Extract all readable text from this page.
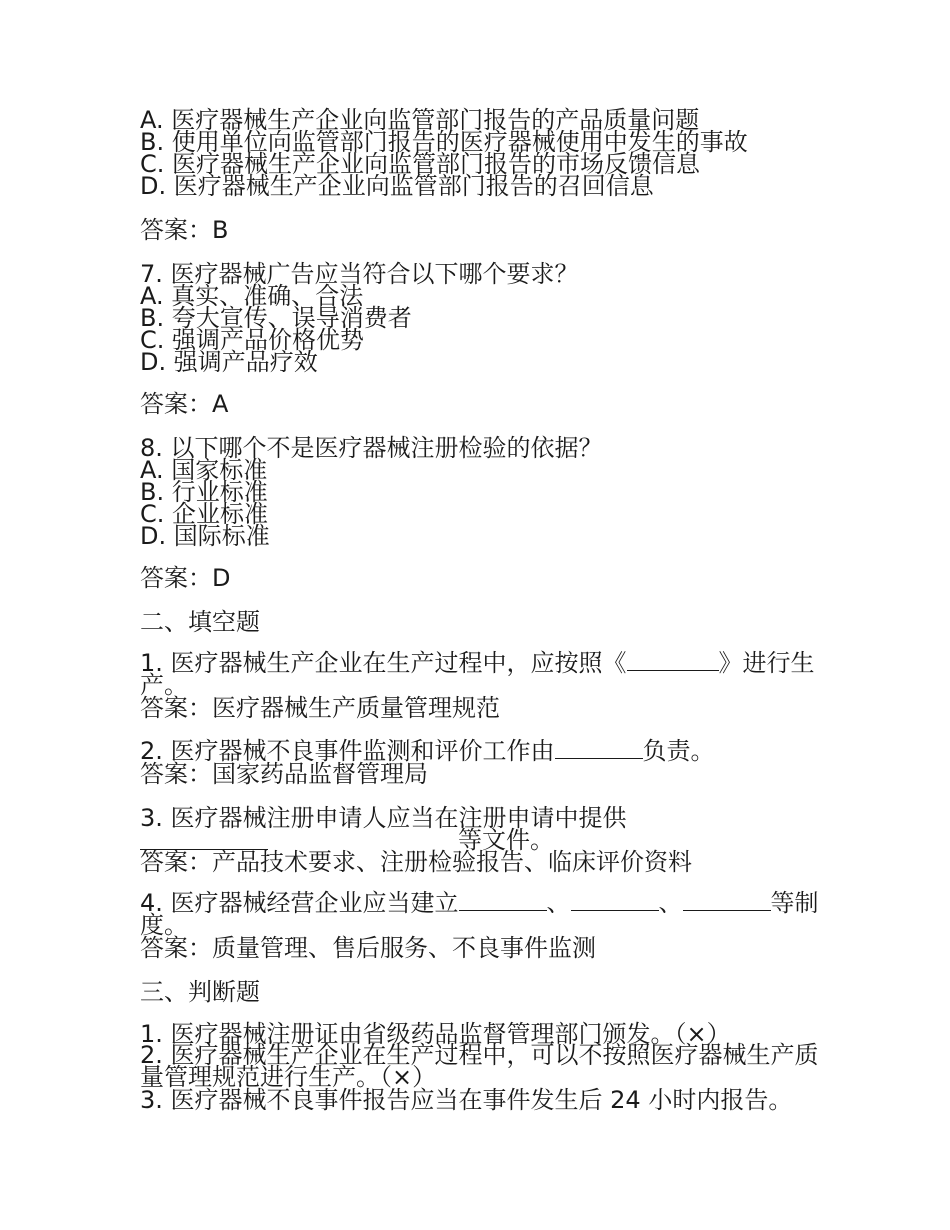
A. 医疗器械生产企业向监管部门报告的产品质量问题
B. 使用单位向监管部门报告的医疗器械使用中发生的事故
C. 医疗器械生产企业向监管部门报告的市场反馈信息
D. 医疗器械生产企业向监管部门报告的召回信息
答案：B
7. 医疗器械广告应当符合以下哪个要求？
A. 真实、准确、合法
B. 夸大宣传、误导消费者
C. 强调产品价格优势
D. 强调产品疗效
答案：A
8. 以下哪个不是医疗器械注册检验的依据？
A. 国家标准
B. 行业标准
C. 企业标准
D. 国际标准
答案：D
二、填空题
1. 医疗器械生产企业在生产过程中，应按照《	》进行生产。
答案：医疗器械生产质量管理规范
2. 医疗器械不良事件监测和评价工作由	负责。
答案：国家药品监督管理局
3. 医疗器械注册申请人应当在注册申请中提供
等文件。
答案：产品技术要求、注册检验报告、临床评价资料
4. 医疗器械经营企业应当建立	、	、	等制度。
答案：质量管理、售后服务、不良事件监测
三、判断题
1. 医疗器械注册证由省级药品监督管理部门颁发。（×）
2. 医疗器械生产企业在生产过程中，可以不按照医疗器械生产质量管理规范进行生产。（×）
3. 医疗器械不良事件报告应当在事件发生后 24 小时内报告。
